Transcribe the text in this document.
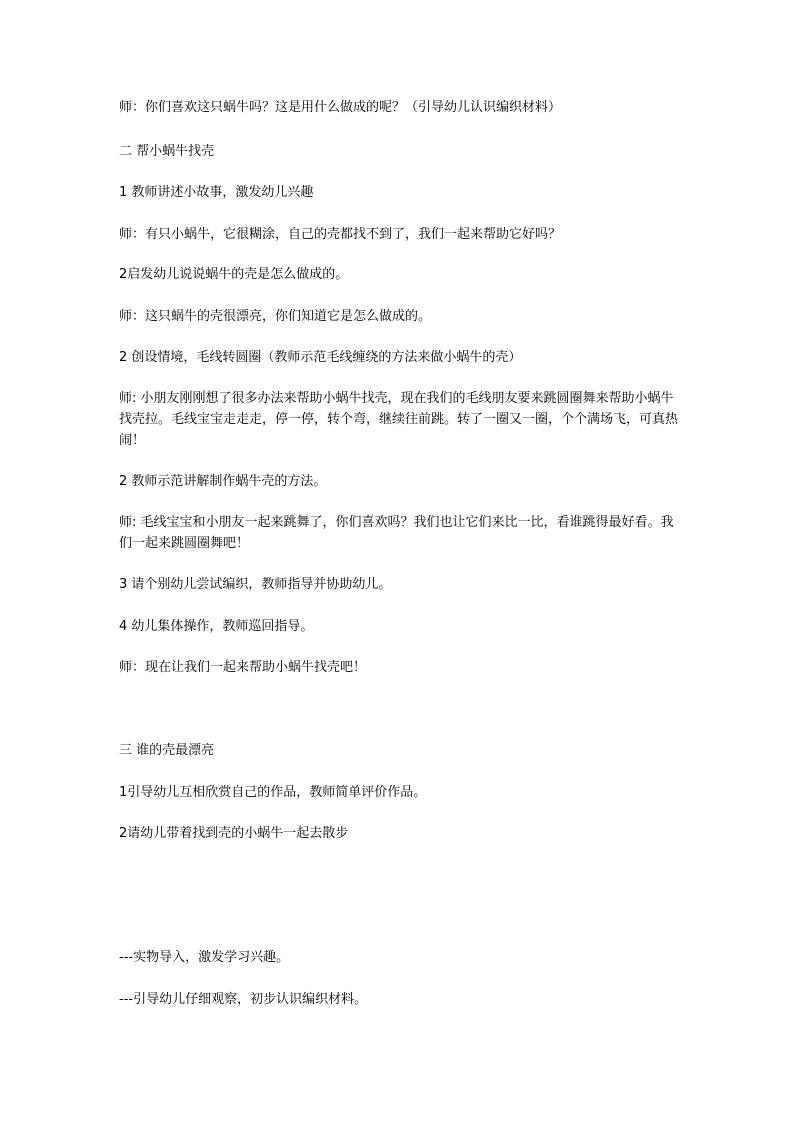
师：你们喜欢这只蜗牛吗？这是用什么做成的呢？（引导幼儿认识编织材料）
二 帮小蜗牛找壳
1 教师讲述小故事，激发幼儿兴趣
师：有只小蜗牛，它很糊涂，自己的壳都找不到了，我们一起来帮助它好吗？
2启发幼儿说说蜗牛的壳是怎么做成的。
师：这只蜗牛的壳很漂亮，你们知道它是怎么做成的。
2 创设情境，毛线转圆圈（教师示范毛线缠绕的方法来做小蜗牛的壳）
师: 小朋友刚刚想了很多办法来帮助小蜗牛找壳，现在我们的毛线朋友要来跳圆圈舞来帮助小蜗牛找壳拉。毛线宝宝走走走，停一停，转个弯，继续往前跳。转了一圈又一圈，个个满场飞，可真热闹！
2 教师示范讲解制作蜗牛壳的方法。
师: 毛线宝宝和小朋友一起来跳舞了，你们喜欢吗？我们也让它们来比一比，看谁跳得最好看。我们一起来跳圆圈舞吧！
3 请个别幼儿尝试编织，教师指导并协助幼儿。
4 幼儿集体操作，教师巡回指导。
师：现在让我们一起来帮助小蜗牛找壳吧！
三 谁的壳最漂亮
1引导幼儿互相欣赏自己的作品，教师简单评价作品。
2请幼儿带着找到壳的小蜗牛一起去散步
---实物导入，激发学习兴趣。
---引导幼儿仔细观察，初步认识编织材料。
